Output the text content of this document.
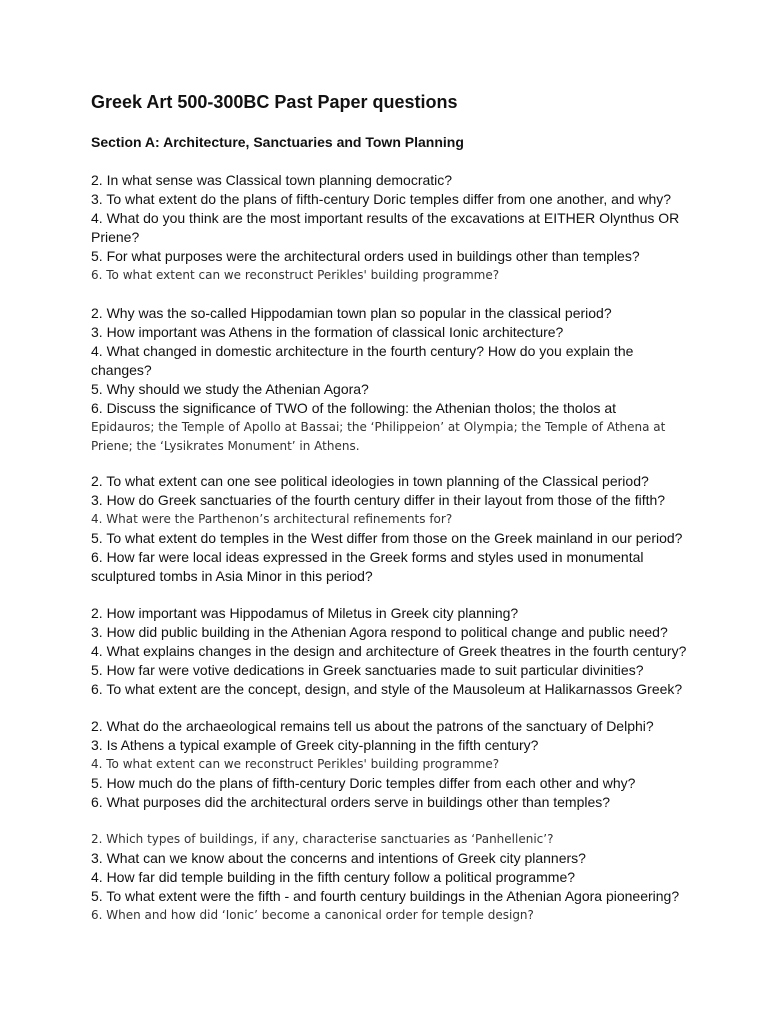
Greek Art 500-300BC Past Paper questions
Section A: Architecture, Sanctuaries and Town Planning
2. In what sense was Classical town planning democratic?
3. To what extent do the plans of fifth-century Doric temples differ from one another, and why?
4. What do you think are the most important results of the excavations at EITHER Olynthus OR Priene?
5. For what purposes were the architectural orders used in buildings other than temples?
6. To what extent can we reconstruct Perikles' building programme?
2. Why was the so-called Hippodamian town plan so popular in the classical period?
3. How important was Athens in the formation of classical Ionic architecture?
4. What changed in domestic architecture in the fourth century? How do you explain the changes?
5. Why should we study the Athenian Agora?
6. Discuss the significance of TWO of the following: the Athenian tholos; the tholos at
Epidauros; the Temple of Apollo at Bassai; the ‘Philippeion’ at Olympia; the Temple of Athena at Priene; the ‘Lysikrates Monument’ in Athens.
2. To what extent can one see political ideologies in town planning of the Classical period?
3. How do Greek sanctuaries of the fourth century differ in their layout from those of the fifth?
4. What were the Parthenon’s architectural refinements for?
5. To what extent do temples in the West differ from those on the Greek mainland in our period?
6. How far were local ideas expressed in the Greek forms and styles used in monumental sculptured tombs in Asia Minor in this period?
2. How important was Hippodamus of Miletus in Greek city planning?
3. How did public building in the Athenian Agora respond to political change and public need?
4. What explains changes in the design and architecture of Greek theatres in the fourth century?
5. How far were votive dedications in Greek sanctuaries made to suit particular divinities?
6. To what extent are the concept, design, and style of the Mausoleum at Halikarnassos Greek?
2. What do the archaeological remains tell us about the patrons of the sanctuary of Delphi?
3. Is Athens a typical example of Greek city-planning in the fifth century?
4. To what extent can we reconstruct Perikles' building programme?
5. How much do the plans of fifth-century Doric temples differ from each other and why?
6. What purposes did the architectural orders serve in buildings other than temples?
2. Which types of buildings, if any, characterise sanctuaries as ‘Panhellenic’?
3. What can we know about the concerns and intentions of Greek city planners?
4. How far did temple building in the fifth century follow a political programme?
5. To what extent were the fifth - and fourth century buildings in the Athenian Agora pioneering?
6. When and how did ‘Ionic’ become a canonical order for temple design?
